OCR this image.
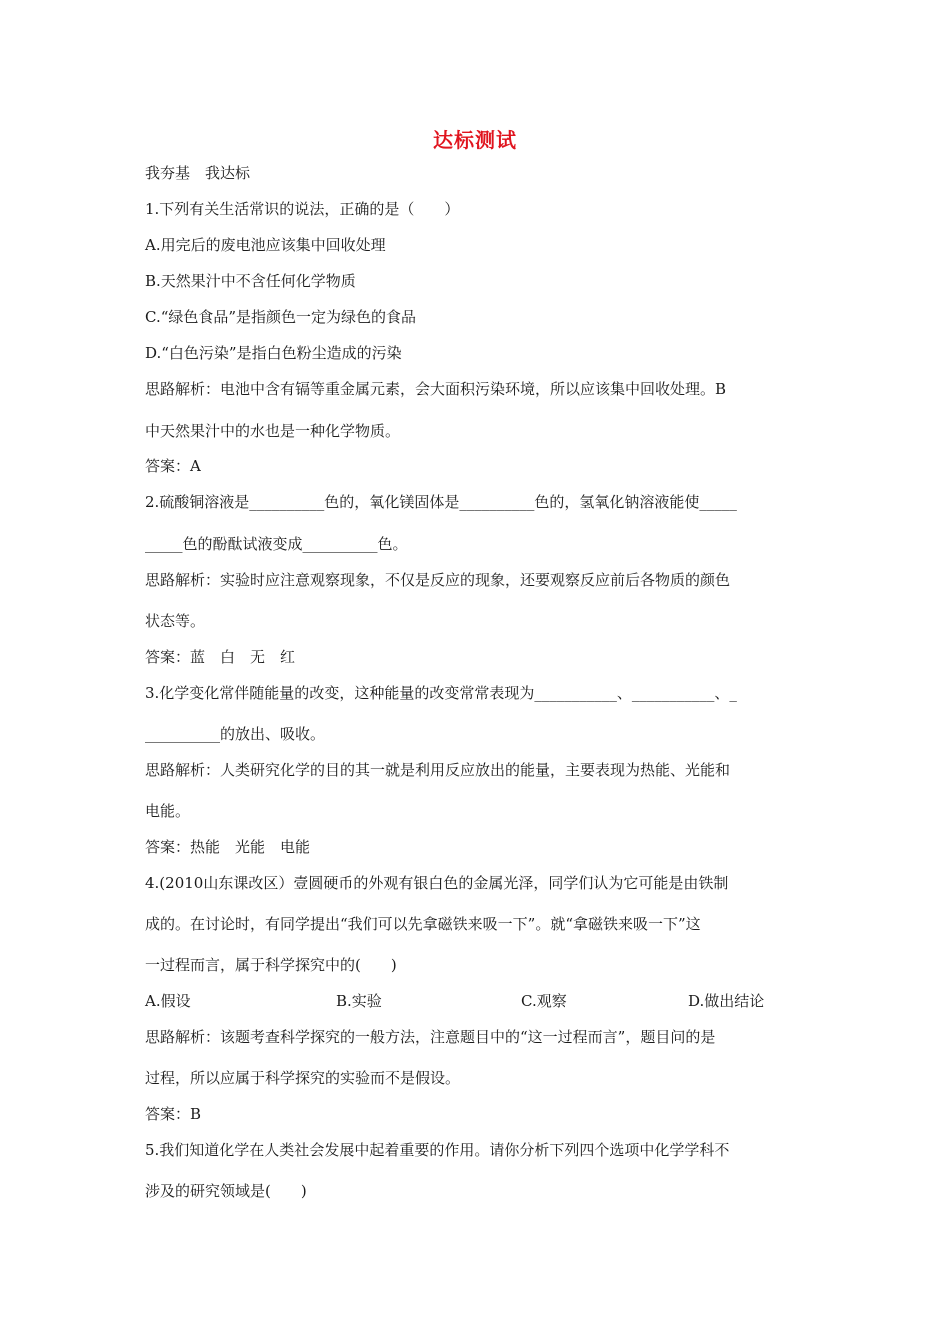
达标测试
我夯基　我达标
1.下列有关生活常识的说法，正确的是（　　）
A.用完后的废电池应该集中回收处理
B.天然果汁中不含任何化学物质
C.“绿色食品”是指颜色一定为绿色的食品
D.“白色污染”是指白色粉尘造成的污染
思路解析：电池中含有镉等重金属元素，会大面积污染环境，所以应该集中回收处理。B
中天然果汁中的水也是一种化学物质。
答案：A
2.硫酸铜溶液是__________色的，氧化镁固体是__________色的，氢氧化钠溶液能使_____
_____色的酚酞试液变成__________色。
思路解析：实验时应注意观察现象，不仅是反应的现象，还要观察反应前后各物质的颜色
状态等。
答案：蓝　白　无　红
3.化学变化常伴随能量的改变，这种能量的改变常常表现为___________、___________、_
__________的放出、吸收。
思路解析：人类研究化学的目的其一就是利用反应放出的能量，主要表现为热能、光能和
电能。
答案：热能　光能　电能
4.(2010山东课改区）壹圆硬币的外观有银白色的金属光泽，同学们认为它可能是由铁制
成的。在讨论时，有同学提出“我们可以先拿磁铁来吸一下”。就“拿磁铁来吸一下”这
一过程而言，属于科学探究中的(　　)
A.假设	B.实验	C.观察	D.做出结论
思路解析：该题考查科学探究的一般方法，注意题目中的“这一过程而言”，题目问的是
过程，所以应属于科学探究的实验而不是假设。
答案：B
5.我们知道化学在人类社会发展中起着重要的作用。请你分析下列四个选项中化学学科不
涉及的研究领域是(　　)
